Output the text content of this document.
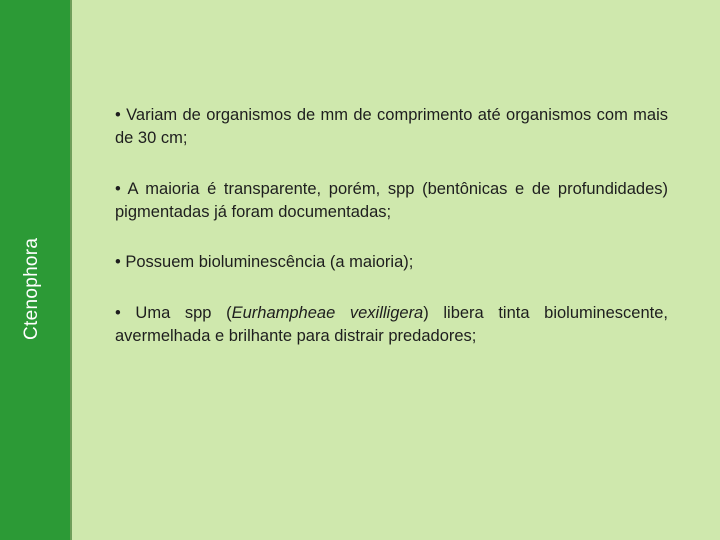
Ctenophora

• Variam de organismos de mm de comprimento até organismos com mais de 30 cm;

• A maioria é transparente, porém, spp (bentônicas e de profundidades) pigmentadas já foram documentadas;

• Possuem bioluminescência (a maioria);

• Uma spp (Eurhampheae vexilligera) libera tinta bioluminescente, avermelhada e brilhante para distrair predadores;
